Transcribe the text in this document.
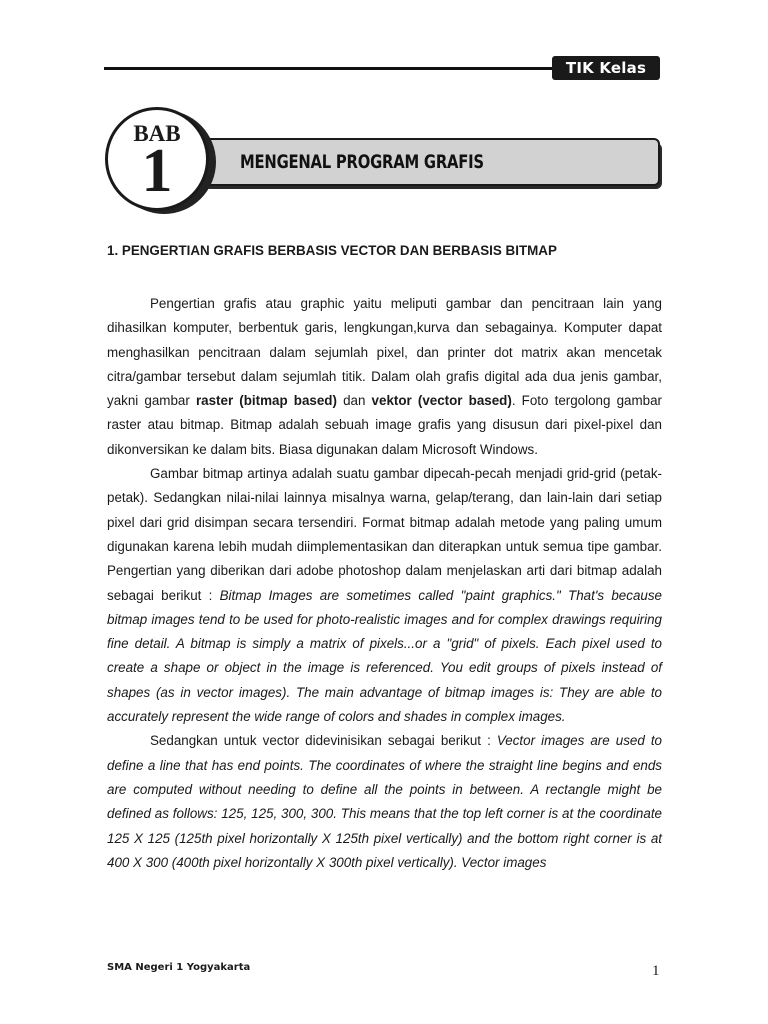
TIK Kelas XII
MENGENAL PROGRAM GRAFIS
BAB
1
1. PENGERTIAN GRAFIS BERBASIS VECTOR DAN BERBASIS BITMAP

Pengertian grafis atau graphic yaitu meliputi gambar dan pencitraan lain yang dihasilkan komputer, berbentuk garis, lengkungan,kurva dan sebagainya. Komputer dapat menghasilkan pencitraan dalam sejumlah pixel, dan printer dot matrix akan mencetak citra/gambar tersebut dalam sejumlah titik. Dalam olah grafis digital ada dua jenis gambar, yakni gambar raster (bitmap based) dan vektor (vector based). Foto tergolong gambar raster atau bitmap. Bitmap adalah sebuah image grafis yang disusun dari pixel-pixel dan dikonversikan ke dalam bits. Biasa digunakan dalam Microsoft Windows.

Gambar bitmap artinya adalah suatu gambar dipecah-pecah menjadi grid-grid (petak-petak). Sedangkan nilai-nilai lainnya misalnya warna, gelap/terang, dan lain-lain dari setiap pixel dari grid disimpan secara tersendiri. Format bitmap adalah metode yang paling umum digunakan karena lebih mudah diimplementasikan dan diterapkan untuk semua tipe gambar. Pengertian yang diberikan dari adobe photoshop dalam menjelaskan arti dari bitmap adalah sebagai berikut : Bitmap Images are sometimes called "paint graphics." That's because bitmap images tend to be used for photo-realistic images and for complex drawings requiring fine detail. A bitmap is simply a matrix of pixels...or a "grid" of pixels. Each pixel used to create a shape or object in the image is referenced. You edit groups of pixels instead of shapes (as in vector images). The main advantage of bitmap images is: They are able to accurately represent the wide range of colors and shades in complex images.

Sedangkan untuk vector didevinisikan sebagai berikut : Vector images are used to define a line that has end points. The coordinates of where the straight line begins and ends are computed without needing to define all the points in between. A rectangle might be defined as follows: 125, 125, 300, 300. This means that the top left corner is at the coordinate 125 X 125 (125th pixel horizontally X 125th pixel vertically) and the bottom right corner is at 400 X 300 (400th pixel horizontally X 300th pixel vertically). Vector images

SMA Negeri 1 Yogyakarta	1
